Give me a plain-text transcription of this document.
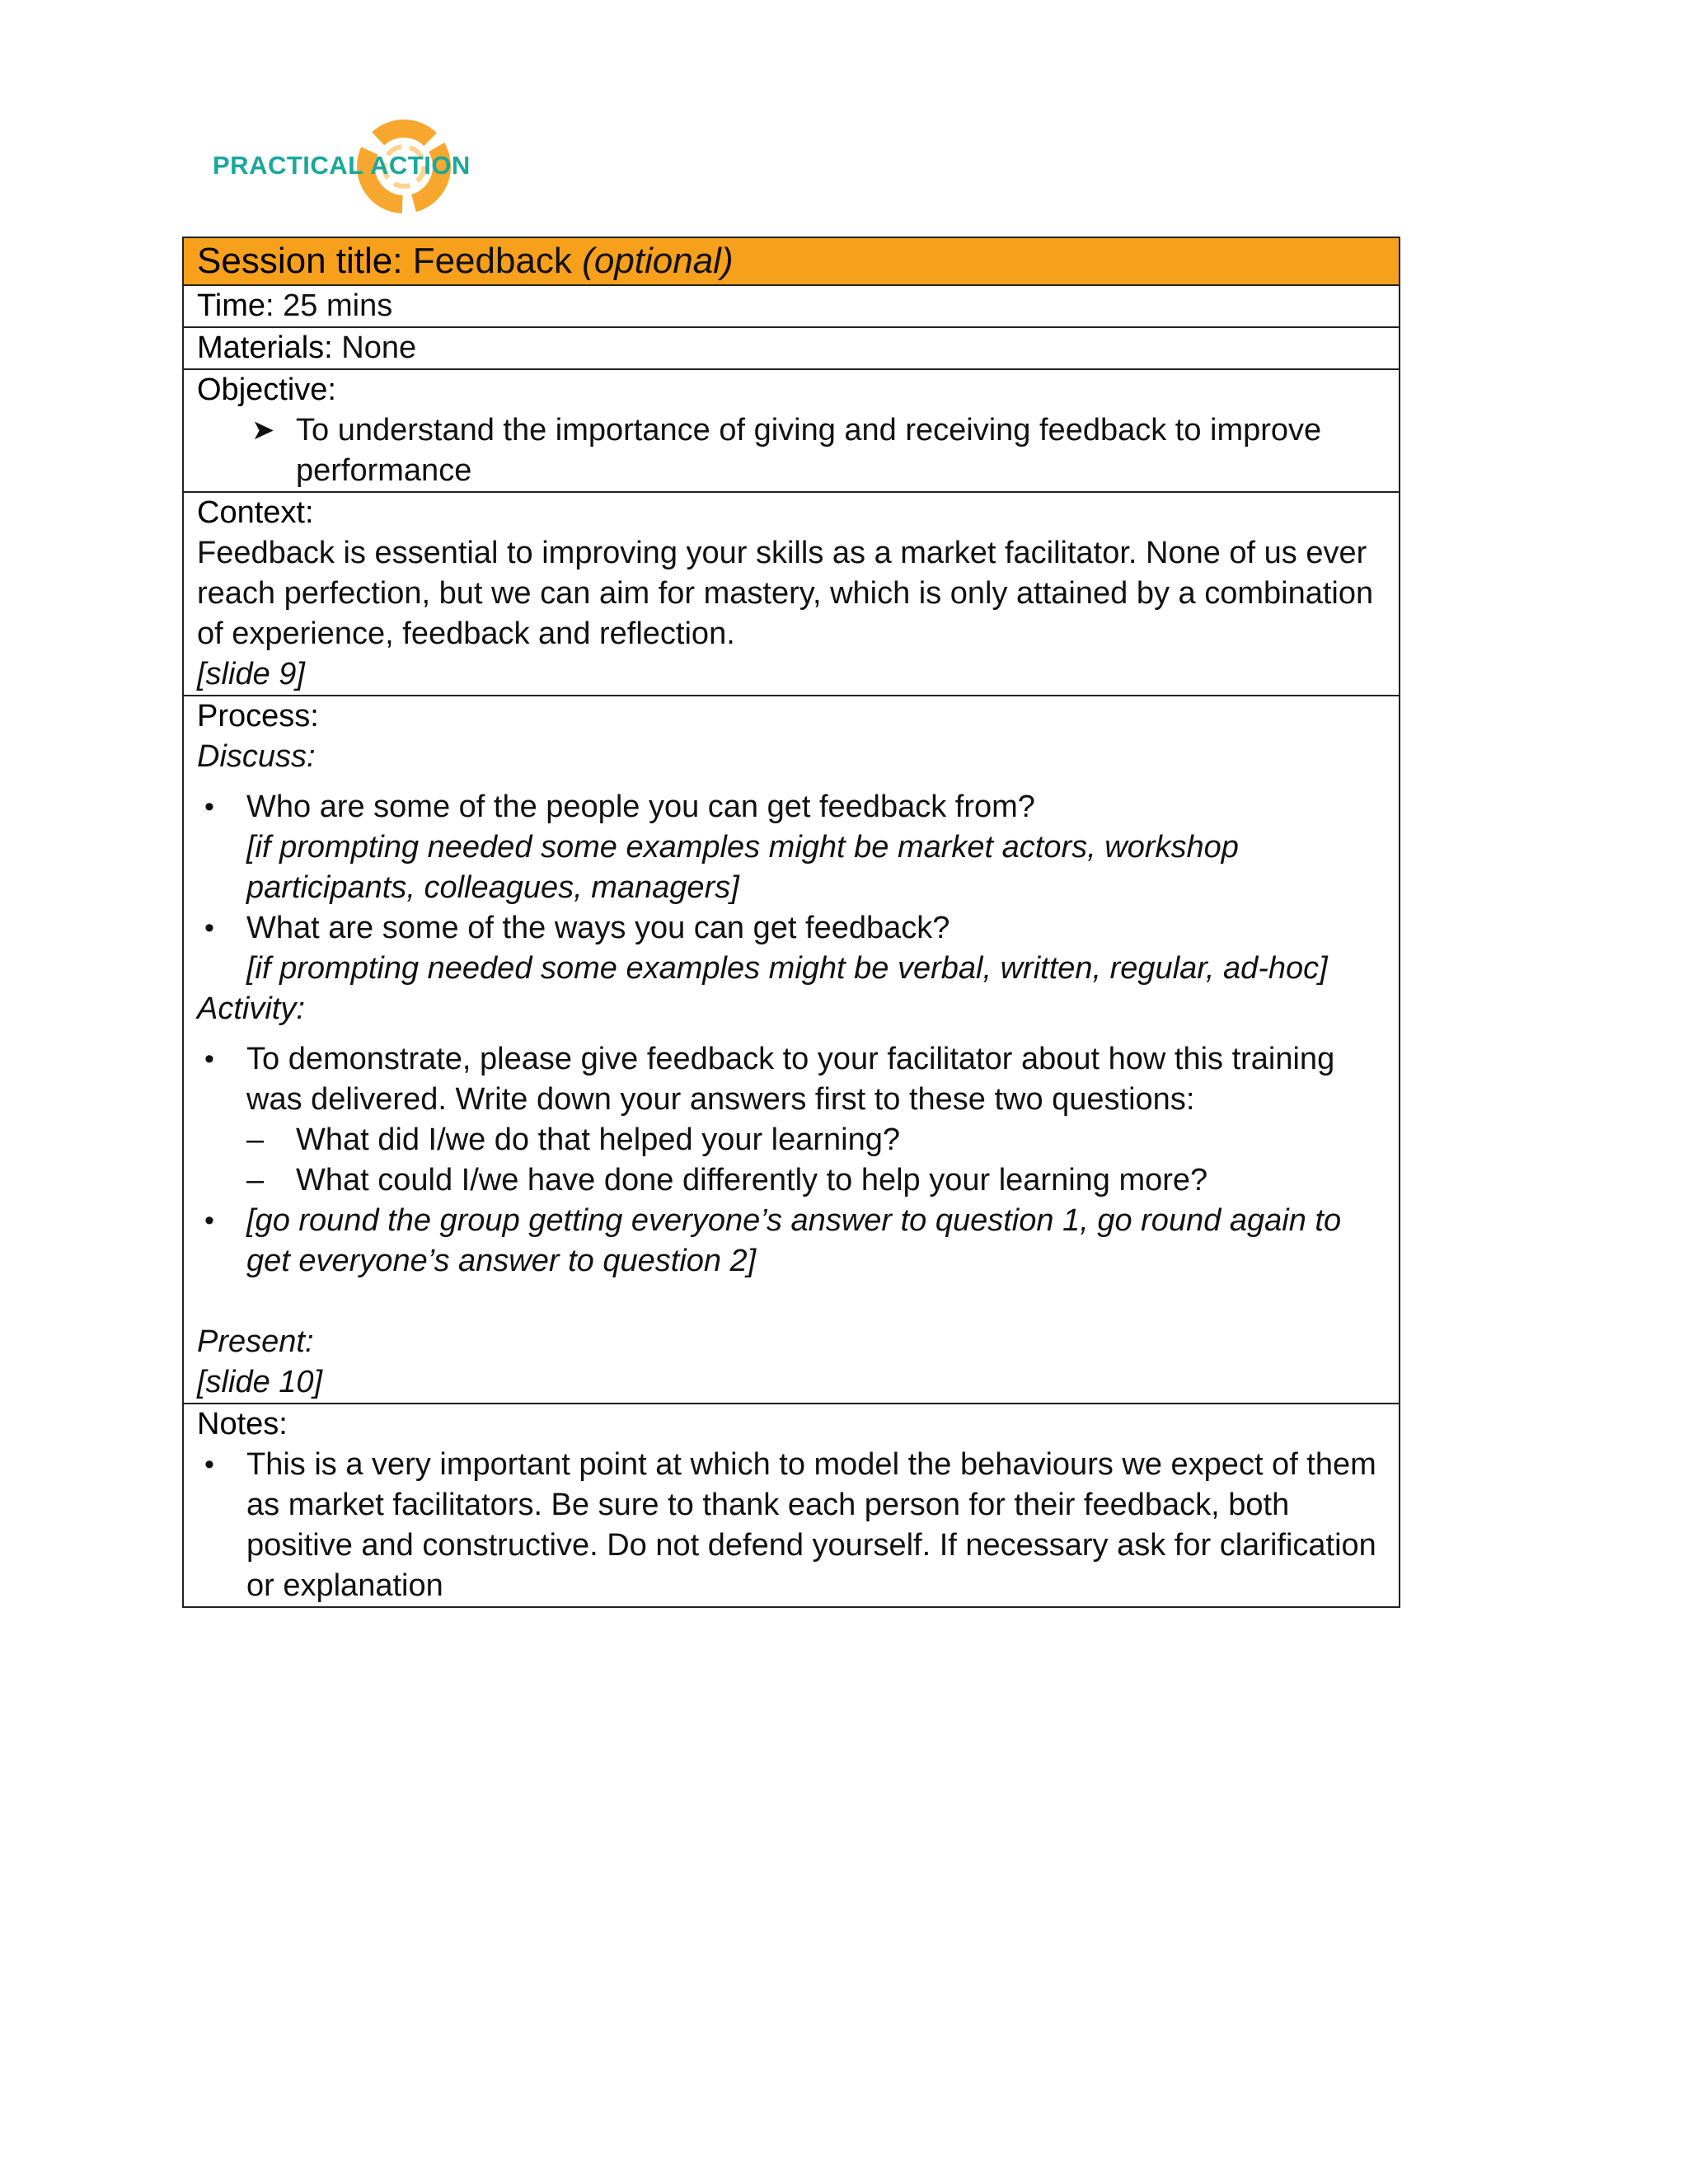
PRACTICAL ACTION
Session title: Feedback (optional)
Time: 25 mins
Materials: None
Objective:
➤ To understand the importance of giving and receiving feedback to improve performance
Context:
Feedback is essential to improving your skills as a market facilitator. None of us ever reach perfection, but we can aim for mastery, which is only attained by a combination of experience, feedback and reflection.
[slide 9]
Process:
Discuss:
• Who are some of the people you can get feedback from?
[if prompting needed some examples might be market actors, workshop participants, colleagues, managers]
• What are some of the ways you can get feedback?
[if prompting needed some examples might be verbal, written, regular, ad-hoc]
Activity:
• To demonstrate, please give feedback to your facilitator about how this training was delivered. Write down your answers first to these two questions:
– What did I/we do that helped your learning?
– What could I/we have done differently to help your learning more?
• [go round the group getting everyone’s answer to question 1, go round again to get everyone’s answer to question 2]
Present:
[slide 10]
Notes:
• This is a very important point at which to model the behaviours we expect of them as market facilitators. Be sure to thank each person for their feedback, both positive and constructive. Do not defend yourself. If necessary ask for clarification or explanation
